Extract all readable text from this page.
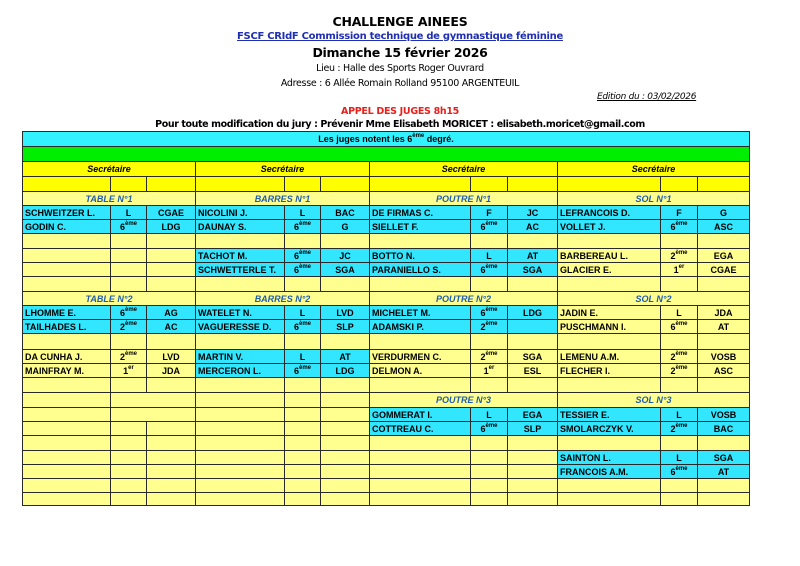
CHALLENGE AINEES
FSCF CRIdF Commission technique de gymnastique féminine
Dimanche 15 février 2026
Lieu : Halle des Sports Roger Ouvrard
Adresse : 6 Allée Romain Rolland 95100 ARGENTEUIL
Edition du : 03/02/2026
APPEL DES JUGES 8h15
Pour toute modification du jury : Prévenir Mme Elisabeth MORICET : elisabeth.moricet@gmail.com
Les juges notent les 6ème degré.											

Secrétaire			Secrétaire			Secrétaire			Secrétaire		

TABLE N°1			BARRES N°1			POUTRE N°1			SOL N°1		
SCHWEITZER L.	L	CGAE	NICOLINI J.	L	BAC	DE FIRMAS C.	F	JC	LEFRANCOIS D.	F	G
GODIN C.	6ème	LDG	DAUNAY S.	6ème	G	SIELLET F.	6ème	AC	VOLLET J.	6ème	ASC

			TACHOT M.	6ème	JC	BOTTO N.	L	AT	BARBEREAU L.	2ème	EGA
			SCHWETTERLE T.	6ème	SGA	PARANIELLO S.	6ème	SGA	GLACIER E.	1er	CGAE

TABLE N°2			BARRES N°2			POUTRE N°2			SOL N°2		
LHOMME E.	6ème	AG	WATELET N.	L	LVD	MICHELET M.	6ème	LDG	JADIN E.	L	JDA
TAILHADES L.	2ème	AC	VAGUERESSE D.	6ème	SLP	ADAMSKI P.	2ème		PUSCHMANN I.	6ème	AT

DA CUNHA J.	2ème	LVD	MARTIN V.	L	AT	VERDURMEN C.	2ème	SGA	LEMENU A.M.	2ème	VOSB
MAINFRAY M.	1er	JDA	MERCERON L.	6ème	LDG	DELMON A.	1er	ESL	FLECHER I.	2ème	ASC

						POUTRE N°3			SOL N°3		
						GOMMERAT I.	L	EGA	TESSIER E.	L	VOSB
						COTTREAU C.	6ème	SLP	SMOLARCZYK V.	2ème	BAC

									SAINTON L.	L	SGA
									FRANCOIS A.M.	6ème	AT
